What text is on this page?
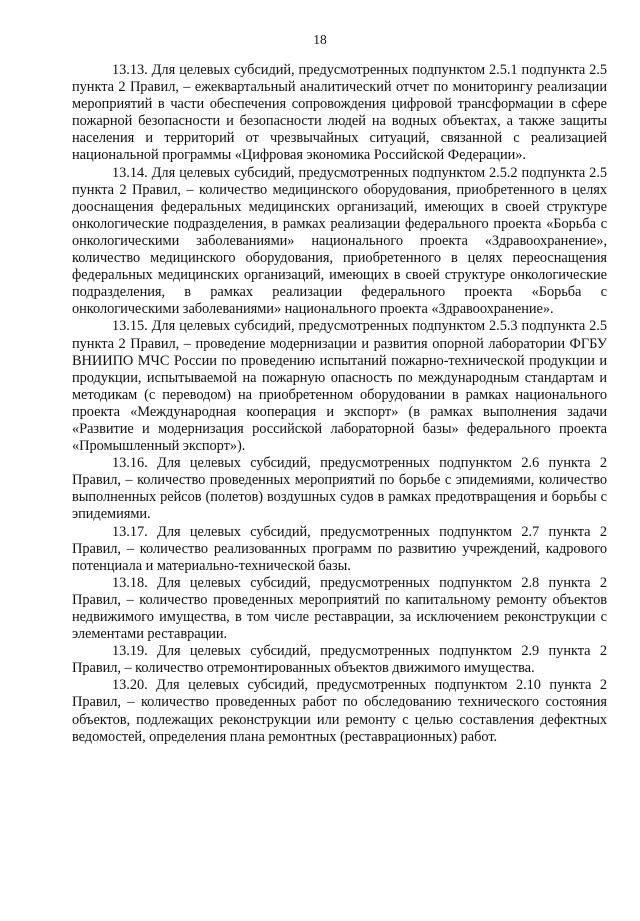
18

13.13. Для целевых субсидий, предусмотренных подпунктом 2.5.1 подпункта 2.5 пункта 2 Правил, – ежеквартальный аналитический отчет по мониторингу реализации мероприятий в части обеспечения сопровождения цифровой трансформации в сфере пожарной безопасности и безопасности людей на водных объектах, а также защиты населения и территорий от чрезвычайных ситуаций, связанной с реализацией национальной программы «Цифровая экономика Российской Федерации».

13.14. Для целевых субсидий, предусмотренных подпунктом 2.5.2 подпункта 2.5 пункта 2 Правил, – количество медицинского оборудования, приобретенного в целях дооснащения федеральных медицинских организаций, имеющих в своей структуре онкологические подразделения, в рамках реализации федерального проекта «Борьба с онкологическими заболеваниями» национального проекта «Здравоохранение», количество медицинского оборудования, приобретенного в целях переоснащения федеральных медицинских организаций, имеющих в своей структуре онкологические подразделения, в рамках реализации федерального проекта «Борьба с онкологическими заболеваниями» национального проекта «Здравоохранение».

13.15. Для целевых субсидий, предусмотренных подпунктом 2.5.3 подпункта 2.5 пункта 2 Правил, – проведение модернизации и развития опорной лаборатории ФГБУ ВНИИПО МЧС России по проведению испытаний пожарно-технической продукции и продукции, испытываемой на пожарную опасность по международным стандартам и методикам (с переводом) на приобретенном оборудовании в рамках национального проекта «Международная кооперация и экспорт» (в рамках выполнения задачи «Развитие и модернизация российской лабораторной базы» федерального проекта «Промышленный экспорт»).

13.16. Для целевых субсидий, предусмотренных подпунктом 2.6 пункта 2 Правил, – количество проведенных мероприятий по борьбе с эпидемиями, количество выполненных рейсов (полетов) воздушных судов в рамках предотвращения и борьбы с эпидемиями.

13.17. Для целевых субсидий, предусмотренных подпунктом 2.7 пункта 2 Правил, – количество реализованных программ по развитию учреждений, кадрового потенциала и материально-технической базы.

13.18. Для целевых субсидий, предусмотренных подпунктом 2.8 пункта 2 Правил, – количество проведенных мероприятий по капитальному ремонту объектов недвижимого имущества, в том числе реставрации, за исключением реконструкции с элементами реставрации.

13.19. Для целевых субсидий, предусмотренных подпунктом 2.9 пункта 2 Правил, – количество отремонтированных объектов движимого имущества.

13.20. Для целевых субсидий, предусмотренных подпунктом 2.10 пункта 2 Правил, – количество проведенных работ по обследованию технического состояния объектов, подлежащих реконструкции или ремонту с целью составления дефектных ведомостей, определения плана ремонтных (реставрационных) работ.
